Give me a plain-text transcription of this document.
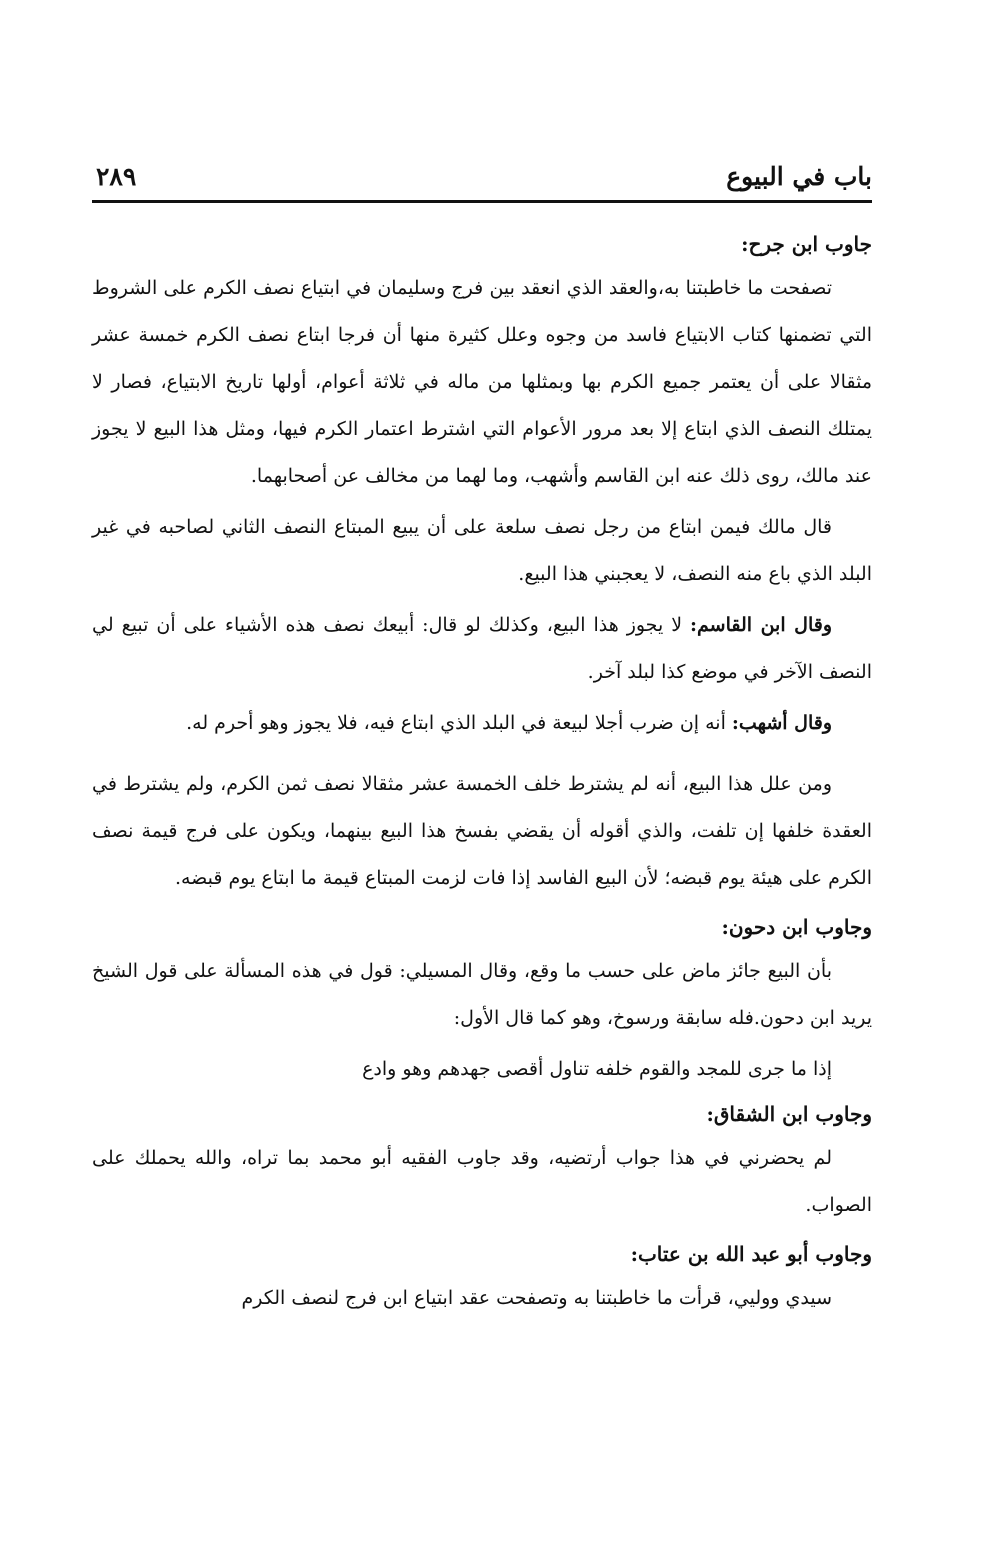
باب في البيوع
٢٨٩

جاوب ابن جرح:

تصفحت ما خاطبتنا به،والعقد الذي انعقد بين فرج وسليمان في ابتياع نصف الكرم على الشروط التي تضمنها كتاب الابتياع فاسد من وجوه وعلل كثيرة منها أن فرجا ابتاع نصف الكرم خمسة عشر مثقالا على أن يعتمر جميع الكرم بها وبمثلها من ماله في ثلاثة أعوام، أولها تاريخ الابتياع، فصار لا يمتلك النصف الذي ابتاع إلا بعد مرور الأعوام التي اشترط اعتمار الكرم فيها، ومثل هذا البيع لا يجوز عند مالك، روى ذلك عنه ابن القاسم وأشهب، وما لهما من مخالف عن أصحابهما.

قال مالك فيمن ابتاع من رجل نصف سلعة على أن يبيع المبتاع النصف الثاني لصاحبه في غير البلد الذي باع منه النصف، لا يعجبني هذا البيع.

وقال ابن القاسم: لا يجوز هذا البيع، وكذلك لو قال: أبيعك نصف هذه الأشياء على أن تبيع لي النصف الآخر في موضع كذا لبلد آخر.

وقال أشهب: أنه إن ضرب أجلا لبيعة في البلد الذي ابتاع فيه، فلا يجوز وهو أحرم له.

ومن علل هذا البيع، أنه لم يشترط خلف الخمسة عشر مثقالا نصف ثمن الكرم، ولم يشترط في العقدة خلفها إن تلفت، والذي أقوله أن يقضي بفسخ هذا البيع بينهما، ويكون على فرج قيمة نصف الكرم على هيئة يوم قبضه؛ لأن البيع الفاسد إذا فات لزمت المبتاع قيمة ما ابتاع يوم قبضه.

وجاوب ابن دحون:

بأن البيع جائز ماض على حسب ما وقع، وقال المسيلي: قول في هذه المسألة على قول الشيخ يريد ابن دحون.فله سابقة ورسوخ، وهو كما قال الأول:

إذا ما جرى للمجد والقوم خلفه تناول أقصى جهدهم وهو وادع

وجاوب ابن الشقاق:

لم يحضرني في هذا جواب أرتضيه، وقد جاوب الفقيه أبو محمد بما تراه، والله يحملك على الصواب.

وجاوب أبو عبد الله بن عتاب:

سيدي ووليي، قرأت ما خاطبتنا به وتصفحت عقد ابتياع ابن فرج لنصف الكرم
